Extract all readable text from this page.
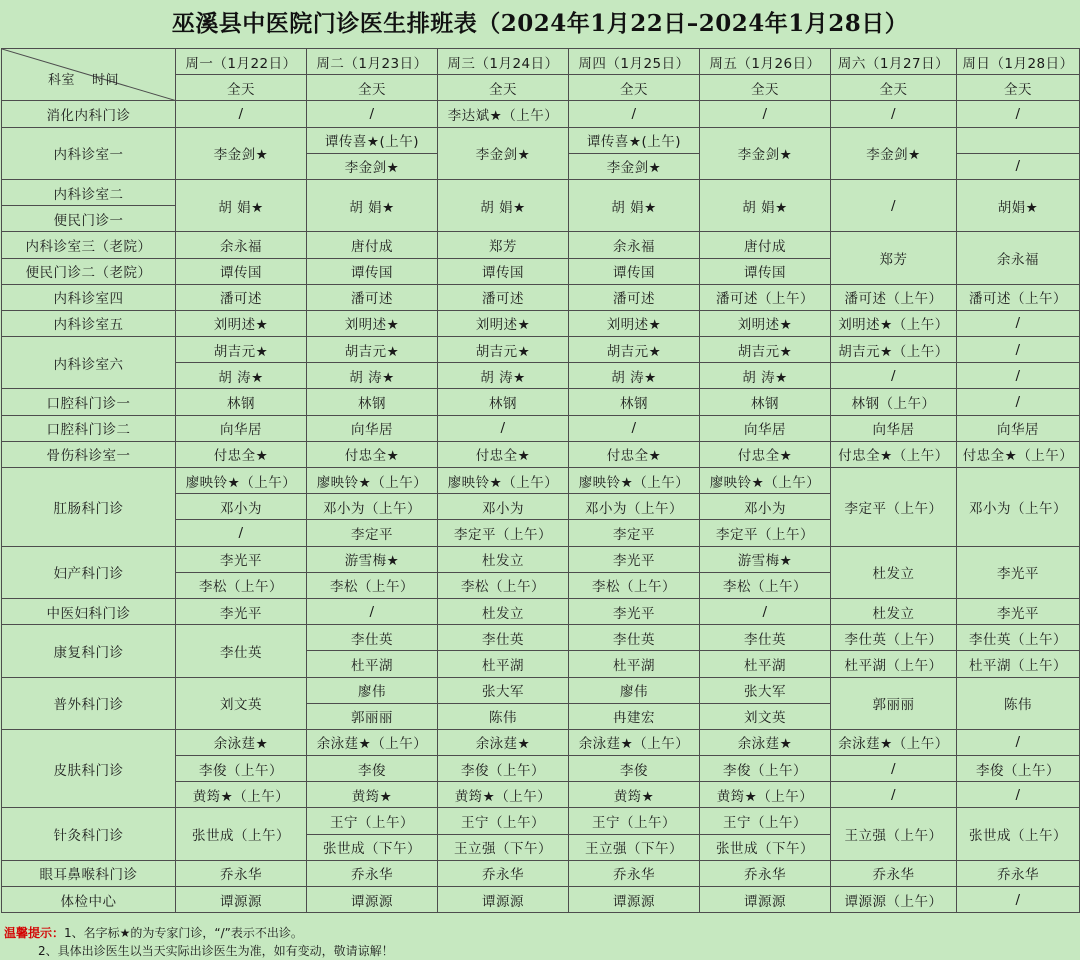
巫溪县中医院门诊医生排班表（2024年1月22日–2024年1月28日）
科室 时间	周一（1月22日）	周二（1月23日）	周三（1月24日）	周四（1月25日）	周五（1月26日）	周六（1月27日）	周日（1月28日）
	全天	全天	全天	全天	全天	全天	全天
消化内科门诊	/	/	李达斌★（上午）	/	/	/	/
内科诊室一	李金剑★	谭传喜★(上午)	李金剑★	谭传喜★(上午)	李金剑★	李金剑★	
		李金剑★		李金剑★			/
内科诊室二	胡 娟★	胡 娟★	胡 娟★	胡 娟★	胡 娟★	/	胡娟★
便民门诊一							
内科诊室三（老院）	余永福	唐付成	郑芳	余永福	唐付成	郑芳	余永福
便民门诊二（老院）	谭传国	谭传国	谭传国	谭传国	谭传国		
内科诊室四	潘可述	潘可述	潘可述	潘可述	潘可述（上午）	潘可述（上午）	潘可述（上午）
内科诊室五	刘明述★	刘明述★	刘明述★	刘明述★	刘明述★	刘明述★（上午）	/
内科诊室六	胡吉元★	胡吉元★	胡吉元★	胡吉元★	胡吉元★	胡吉元★（上午）	/
	胡 涛★	胡 涛★	胡 涛★	胡 涛★	胡 涛★	/	/
口腔科门诊一	林钢	林钢	林钢	林钢	林钢	林钢（上午）	/
口腔科门诊二	向华居	向华居	/	/	向华居	向华居	向华居
骨伤科诊室一	付忠全★	付忠全★	付忠全★	付忠全★	付忠全★	付忠全★（上午）	付忠全★（上午）
肛肠科门诊	廖映铃★（上午）	廖映铃★（上午）	廖映铃★（上午）	廖映铃★（上午）	廖映铃★（上午）	李定平（上午）	邓小为（上午）
	邓小为	邓小为（上午）	邓小为	邓小为（上午）	邓小为		
	/	李定平	李定平（上午）	李定平	李定平（上午）		
妇产科门诊	李光平	游雪梅★	杜发立	李光平	游雪梅★	杜发立	李光平
	李松（上午）	李松（上午）	李松（上午）	李松（上午）	李松（上午）		
中医妇科门诊	李光平	/	杜发立	李光平	/	杜发立	李光平
康复科门诊	李仕英	李仕英	李仕英	李仕英	李仕英	李仕英（上午）	李仕英（上午）
		杜平湖	杜平湖	杜平湖	杜平湖	杜平湖（上午）	杜平湖（上午）
普外科门诊	刘文英	廖伟	张大军	廖伟	张大军	郭丽丽	陈伟
		郭丽丽	陈伟	冉建宏	刘文英		
皮肤科门诊	余泳莛★	余泳莛★（上午）	余泳莛★	余泳莛★（上午）	余泳莛★	余泳莛★（上午）	/
	李俊（上午）	李俊	李俊（上午）	李俊	李俊（上午）	/	李俊（上午）
	黄筠★（上午）	黄筠★	黄筠★（上午）	黄筠★	黄筠★（上午）	/	/
针灸科门诊	张世成（上午）	王宁（上午）	王宁（上午）	王宁（上午）	王宁（上午）	王立强（上午）	张世成（上午）
		张世成（下午）	王立强（下午）	王立强（下午）	张世成（下午）		
眼耳鼻喉科门诊	乔永华	乔永华	乔永华	乔永华	乔永华	乔永华	乔永华
体检中心	谭源源	谭源源	谭源源	谭源源	谭源源	谭源源（上午）	/
温馨提示：1、名字标★的为专家门诊，“/”表示不出诊。
2、具体出诊医生以当天实际出诊医生为准，如有变动，敬请谅解！
